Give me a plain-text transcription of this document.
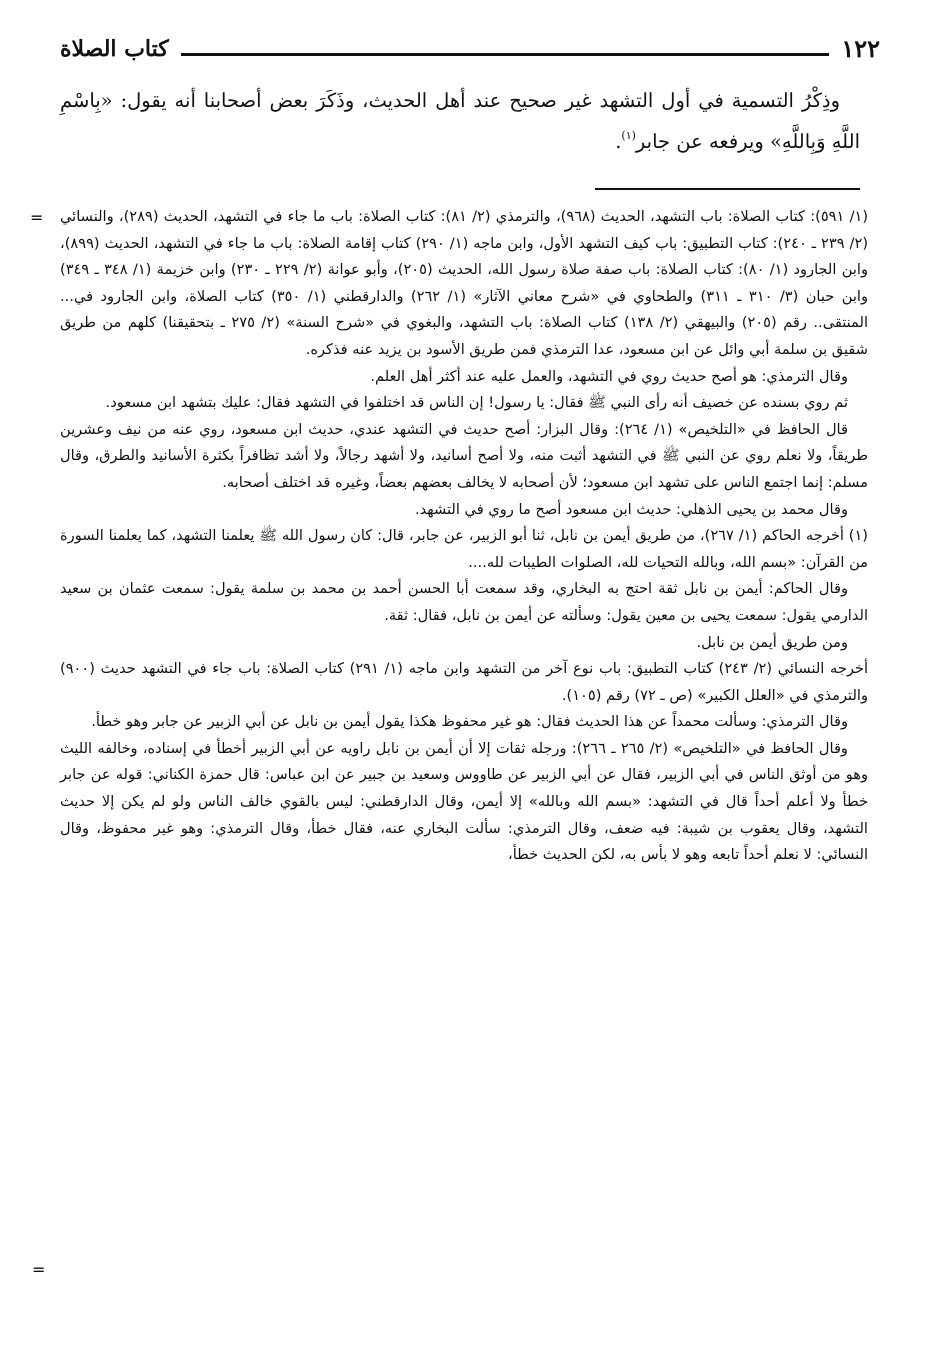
١٢٢
كتاب الصلاة

وذِكْرُ التسمية في أول التشهد غير صحيح عند أهل الحديث، وذَكَرَ بعض أصحابنا أنه يقول: «بِاسْمِ اللَّهِ وَبِاللَّهِ» ويرفعه عن جابر$^{(١)}$.

(١/ ٥٩١): كتاب الصلاة: باب التشهد، الحديث (٩٦٨)، والترمذي (٢/ ٨١): كتاب الصلاة: باب ما جاء في التشهد، الحديث (٢٨٩)، والنسائي (٢/ ٢٣٩ ـ ٢٤٠): كتاب التطبيق: باب كيف التشهد الأول، وابن ماجه (١/ ٢٩٠) كتاب إقامة الصلاة: باب ما جاء في التشهد، الحديث (٨٩٩)، وابن الجارود (١/ ٨٠): كتاب الصلاة: باب صفة صلاة رسول الله، الحديث (٢٠٥)، وأبو عوانة (٢/ ٢٢٩ ـ ٢٣٠) وابن خزيمة (١/ ٣٤٨ ـ ٣٤٩) وابن حبان (٣/ ٣١٠ ـ ٣١١) والطحاوي في «شرح معاني الآثار» (١/ ٢٦٢) والدارقطني (١/ ٣٥٠) كتاب الصلاة، وابن الجارود في... المنتقى.. رقم (٢٠٥) والبيهقي (٢/ ١٣٨) كتاب الصلاة: باب التشهد، والبغوي في «شرح السنة» (٢/ ٢٧٥ ـ بتحقيقنا) كلهم من طريق شقيق بن سلمة أبي وائل عن ابن مسعود، عدا الترمذي فمن طريق الأسود بن يزيد عنه فذكره.

وقال الترمذي: هو أصح حديث روي في التشهد، والعمل عليه عند أكثر أهل العلم.

ثم روي بسنده عن خصيف أنه رأى النبي ﷺ فقال: يا رسول! إن الناس قد اختلفوا في التشهد فقال: عليك بتشهد ابن مسعود.

قال الحافظ في «التلخيص» (١/ ٢٦٤): وقال البزار: أصح حديث في التشهد عندي، حديث ابن مسعود، روي عنه من نيف وعشرين طريقاً، ولا نعلم روي عن النبي ﷺ في التشهد أثبت منه، ولا أصح أسانيد، ولا أشهد رجالاً، ولا أشد تظافراً بكثرة الأسانيد والطرق، وقال مسلم: إنما اجتمع الناس على تشهد ابن مسعود؛ لأن أصحابه لا يخالف بعضهم بعضاً، وغيره قد اختلف أصحابه.

وقال محمد بن يحيى الذهلي: حديث ابن مسعود أصح ما روي في التشهد.

(١) أخرجه الحاكم (١/ ٢٦٧)، من طريق أيمن بن نابل، ثنا أبو الزبير، عن جابر، قال: كان رسول الله ﷺ يعلمنا التشهد، كما يعلمنا السورة من القرآن: «بسم الله، وبالله التحيات لله، الصلوات الطيبات لله....

وقال الحاكم: أيمن بن نابل ثقة احتج به البخاري، وقد سمعت أبا الحسن أحمد بن محمد بن سلمة يقول: سمعت عثمان بن سعيد الدارمي يقول: سمعت يحيى بن معين يقول: وسألته عن أيمن بن نابل، فقال: ثقة.

ومن طريق أيمن بن نابل.

أخرجه النسائي (٢/ ٢٤٣) كتاب التطبيق: باب نوع آخر من التشهد وابن ماجه (١/ ٢٩١) كتاب الصلاة: باب جاء في التشهد حديث (٩٠٠) والترمذي في «العلل الكبير» (ص ـ ٧٢) رقم (١٠٥).

وقال الترمذي: وسألت محمداً عن هذا الحديث فقال: هو غير محفوظ هكذا يقول أيمن بن نابل عن أبي الزبير عن جابر وهو خطأ.

وقال الحافظ في «التلخيص» (٢/ ٢٦٥ ـ ٢٦٦): ورجله ثقات إلا أن أيمن بن نابل راويه عن أبي الزبير أخطأ في إسناده، وخالفه الليث وهو من أوثق الناس في أبي الزبير، فقال عن أبي الزبير عن طاووس وسعيد بن جبير عن ابن عباس: قال حمزة الكناني: قوله عن جابر خطأ ولا أعلم أحداً قال في التشهد: «بسم الله وبالله» إلا أيمن، وقال الدارقطني: ليس بالقوي خالف الناس ولو لم يكن إلا حديث التشهد، وقال يعقوب بن شيبة: فيه ضعف، وقال الترمذي: سألت البخاري عنه، فقال خطأ، وقال الترمذي: وهو غير محفوظ، وقال النسائي: لا نعلم أحداً تابعه وهو لا بأس به، لكن الحديث خطأ،

=
=
